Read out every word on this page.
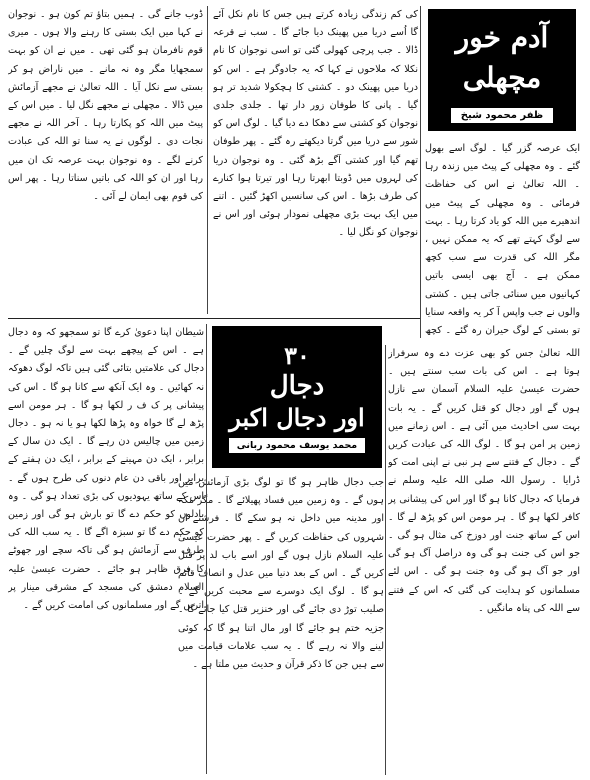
آدم خور مچھلی
ظفر محمود شیخ

ایک عرصہ گزر گیا ۔ لوگ اسے بھول گئے ۔ وہ مچھلی کے پیٹ میں زندہ رہا ۔ اللہ تعالیٰ نے اس کی حفاظت فرمائی ۔ وہ مچھلی کے پیٹ میں اندھیرے میں اللہ کو یاد کرتا رہا ۔ بہت سے لوگ کہتے تھے کہ یہ ممکن نہیں ، مگر اللہ کی قدرت سے سب کچھ ممکن ہے ۔ آج بھی ایسی باتیں کہانیوں میں سنائی جاتی ہیں ۔ کشتی والوں نے جب واپس آ کر یہ واقعہ سنایا تو بستی کے لوگ حیران رہ گئے ۔ کچھ

کی کم زندگی زیادہ کرتے ہیں جس کا نام نکل آئے گا اُسے دریا میں پھینک دیا جائے گا ۔ سب نے قرعہ ڈالا ۔ جب پرچی کھولی گئی تو اسی نوجوان کا نام نکلا کہ ملاحوں نے کہا کہ یہ جادوگر ہے ۔ اس کو دریا میں پھینک دو ۔ کشتی کا ہچکولا شدید تر ہو گیا ۔ پانی کا طوفان زور دار تھا ۔ جلدی جلدی نوجوان کو کشتی سے دھکا دے دیا گیا ۔ لوگ اس کو شور سے دریا میں گرتا دیکھتے رہ گئے ۔ پھر طوفان تھم گیا اور کشتی آگے بڑھ گئی ۔ وہ نوجوان دریا کی لہروں میں ڈوبتا ابھرتا رہا اور تیرتا ہوا کنارے کی طرف بڑھا ۔ اس کی سانسیں اکھڑ گئیں ۔ اتنے میں ایک بہت بڑی مچھلی نمودار ہوئی اور اس نے نوجوان کو نگل لیا ۔

ڈوب جانے گی ۔ ہمیں بتاؤ تم کون ہو ۔ نوجوان نے کہا میں ایک بستی کا رہنے والا ہوں ۔ میری قوم نافرمان ہو گئی تھی ۔ میں نے ان کو بہت سمجھایا مگر وہ نہ مانے ۔ میں ناراض ہو کر بستی سے نکل آیا ۔ اللہ تعالیٰ نے مجھے آزمائش میں ڈالا ۔ مچھلی نے مجھے نگل لیا ۔ میں اس کے پیٹ میں اللہ کو پکارتا رہا ۔ آخر اللہ نے مجھے نجات دی ۔ لوگوں نے یہ سنا تو اللہ کی عبادت کرنے لگے ۔ وہ نوجوان بہت عرصہ تک ان میں رہا اور ان کو اللہ کی باتیں سناتا رہا ۔ پھر اس کی قوم بھی ایمان لے آئی ۔

٣٠
دجال
اور دجال اکبر
محمد یوسف محمود ربانی

اللہ تعالیٰ جس کو بھی عزت دے وہ سرفراز ہوتا ہے ۔ اس کی بات سب سنتے ہیں ۔ حضرت عیسیٰ علیہ السلام آسمان سے نازل ہوں گے اور دجال کو قتل کریں گے ۔ یہ بات بہت سی احادیث میں آئی ہے ۔ اس زمانے میں زمین پر امن ہو گا ۔ لوگ اللہ کی عبادت کریں گے ۔ دجال کے فتنے سے ہر نبی نے اپنی امت کو ڈرایا ۔ رسول اللہ صلی اللہ علیہ وسلم نے فرمایا کہ دجال کانا ہو گا اور اس کی پیشانی پر کافر لکھا ہو گا ۔ ہر مومن اس کو پڑھ لے گا ۔ اس کے ساتھ جنت اور دوزخ کی مثال ہو گی ۔ جو اس کی جنت ہو گی وہ دراصل آگ ہو گی اور جو آگ ہو گی وہ جنت ہو گی ۔ اس لئے مسلمانوں کو ہدایت کی گئی کہ اس کے فتنے سے اللہ کی پناہ مانگیں ۔

جب دجال ظاہر ہو گا تو لوگ بڑی آزمائش میں ہوں گے ۔ وہ زمین میں فساد پھیلائے گا ۔ مگر مکہ اور مدینہ میں داخل نہ ہو سکے گا ۔ فرشتے ان شہروں کی حفاظت کریں گے ۔ پھر حضرت عیسیٰ علیہ السلام نازل ہوں گے اور اسے باب لد پر قتل کریں گے ۔ اس کے بعد دنیا میں عدل و انصاف قائم ہو گا ۔ لوگ ایک دوسرے سے محبت کریں گے ۔ صلیب توڑ دی جائے گی اور خنزیر قتل کیا جائے گا ۔ جزیہ ختم ہو جائے گا اور مال اتنا ہو گا کہ کوئی لینے والا نہ رہے گا ۔ یہ سب علامات قیامت میں سے ہیں جن کا ذکر قرآن و حدیث میں ملتا ہے ۔

شیطان اپنا دعویٰ کرے گا تو سمجھو کہ وہ دجال ہے ۔ اس کے پیچھے بہت سے لوگ چلیں گے ۔ دجال کی علامتیں بتائی گئی ہیں تاکہ لوگ دھوکہ نہ کھائیں ۔ وہ ایک آنکھ سے کانا ہو گا ۔ اس کی پیشانی پر ک ف ر لکھا ہو گا ۔ ہر مومن اسے پڑھ لے گا خواہ وہ پڑھا لکھا ہو یا نہ ہو ۔ دجال زمین میں چالیس دن رہے گا ۔ ایک دن سال کے برابر ، ایک دن مہینے کے برابر ، ایک دن ہفتے کے برابر اور باقی دن عام دنوں کی طرح ہوں گے ۔ اس کے ساتھ یہودیوں کی بڑی تعداد ہو گی ۔ وہ بادلوں کو حکم دے گا تو بارش ہو گی اور زمین کو حکم دے گا تو سبزہ اگے گا ۔ یہ سب اللہ کی طرف سے آزمائش ہو گی تاکہ سچے اور جھوٹے کا فرق ظاہر ہو جائے ۔ حضرت عیسیٰ علیہ السلام دمشق کی مسجد کے مشرقی مینار پر اتریں گے اور مسلمانوں کی امامت کریں گے ۔
